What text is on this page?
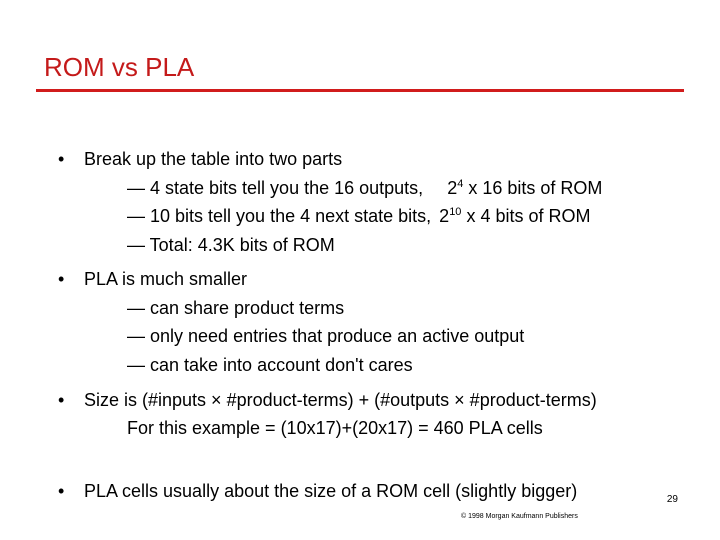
ROM vs PLA
• Break up the table into two parts
— 4 state bits tell you the 16 outputs, $2^4$ x 16 bits of ROM
— 10 bits tell you the 4 next state bits, $2^{10}$ x 4 bits of ROM
— Total: 4.3K bits of ROM
• PLA is much smaller
— can share product terms
— only need entries that produce an active output
— can take into account don't cares
• Size is (#inputs × #product-terms) + (#outputs × #product-terms)
For this example = (10x17)+(20x17) = 460 PLA cells
• PLA cells usually about the size of a ROM cell (slightly bigger)	29
© 1998 Morgan Kaufmann Publishers
